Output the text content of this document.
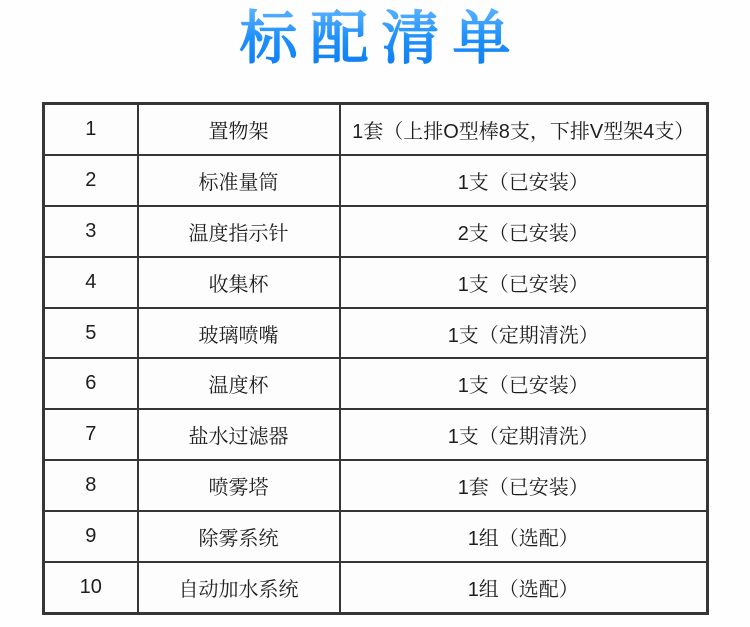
标配清单
1	置物架	1套（上排O型棒8支，下排V型架4支）
2	标准量筒	1支（已安装）
3	温度指示针	2支（已安装）
4	收集杯	1支（已安装）
5	玻璃喷嘴	1支（定期清洗）
6	温度杯	1支（已安装）
7	盐水过滤器	1支（定期清洗）
8	喷雾塔	1套（已安装）
9	除雾系统	1组（选配）
10	自动加水系统	1组（选配）
